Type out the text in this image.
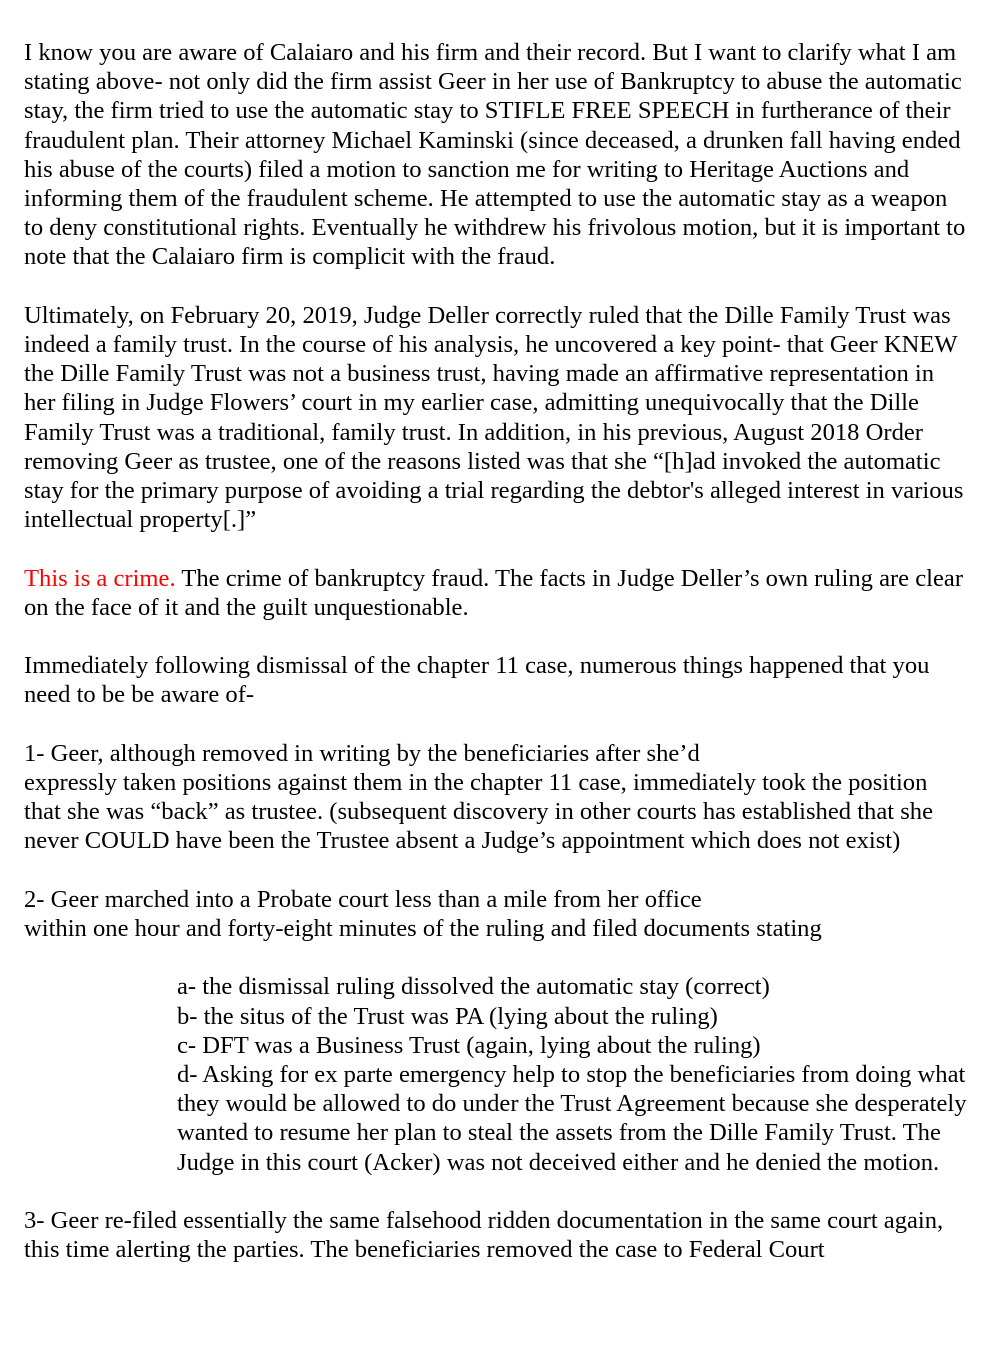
I know you are aware of Calaiaro and his firm and their record. But I want to clarify what I am stating above- not only did the firm assist Geer in her use of Bankruptcy to abuse the automatic stay, the firm tried to use the automatic stay to STIFLE FREE SPEECH in furtherance of their fraudulent plan. Their attorney Michael Kaminski (since deceased, a drunken fall having ended his abuse of the courts) filed a motion to sanction me for writing to Heritage Auctions and informing them of the fraudulent scheme. He attempted to use the automatic stay as a weapon to deny constitutional rights. Eventually he withdrew his frivolous motion, but it is important to note that the Calaiaro firm is complicit with the fraud.

Ultimately, on February 20, 2019, Judge Deller correctly ruled that the Dille Family Trust was indeed a family trust. In the course of his analysis, he uncovered a key point- that Geer KNEW the Dille Family Trust was not a business trust, having made an affirmative representation in her filing in Judge Flowers’ court in my earlier case, admitting unequivocally that the Dille Family Trust was a traditional, family trust. In addition, in his previous, August 2018 Order removing Geer as trustee, one of the reasons listed was that she “[h]ad invoked the automatic stay for the primary purpose of avoiding a trial regarding the debtor's alleged interest in various intellectual property[.]”

This is a crime. The crime of bankruptcy fraud. The facts in Judge Deller’s own ruling are clear on the face of it and the guilt unquestionable.

Immediately following dismissal of the chapter 11 case, numerous things happened that you need to be be aware of-

1- Geer, although removed in writing by the beneficiaries after she’d
expressly taken positions against them in the chapter 11 case, immediately took the position that she was “back” as trustee. (subsequent discovery in other courts has established that she never COULD have been the Trustee absent a Judge’s appointment which does not exist)

2- Geer marched into a Probate court less than a mile from her office
within one hour and forty-eight minutes of the ruling and filed documents stating

a- the dismissal ruling dissolved the automatic stay (correct)

b- the situs of the Trust was PA (lying about the ruling)

c- DFT was a Business Trust (again, lying about the ruling)

d- Asking for ex parte emergency help to stop the beneficiaries from doing what they would be allowed to do under the Trust Agreement because she desperately wanted to resume her plan to steal the assets from the Dille Family Trust. The Judge in this court (Acker) was not deceived either and he denied the motion.

3- Geer re-filed essentially the same falsehood ridden documentation in the same court again, this time alerting the parties. The beneficiaries removed the case to Federal Court
